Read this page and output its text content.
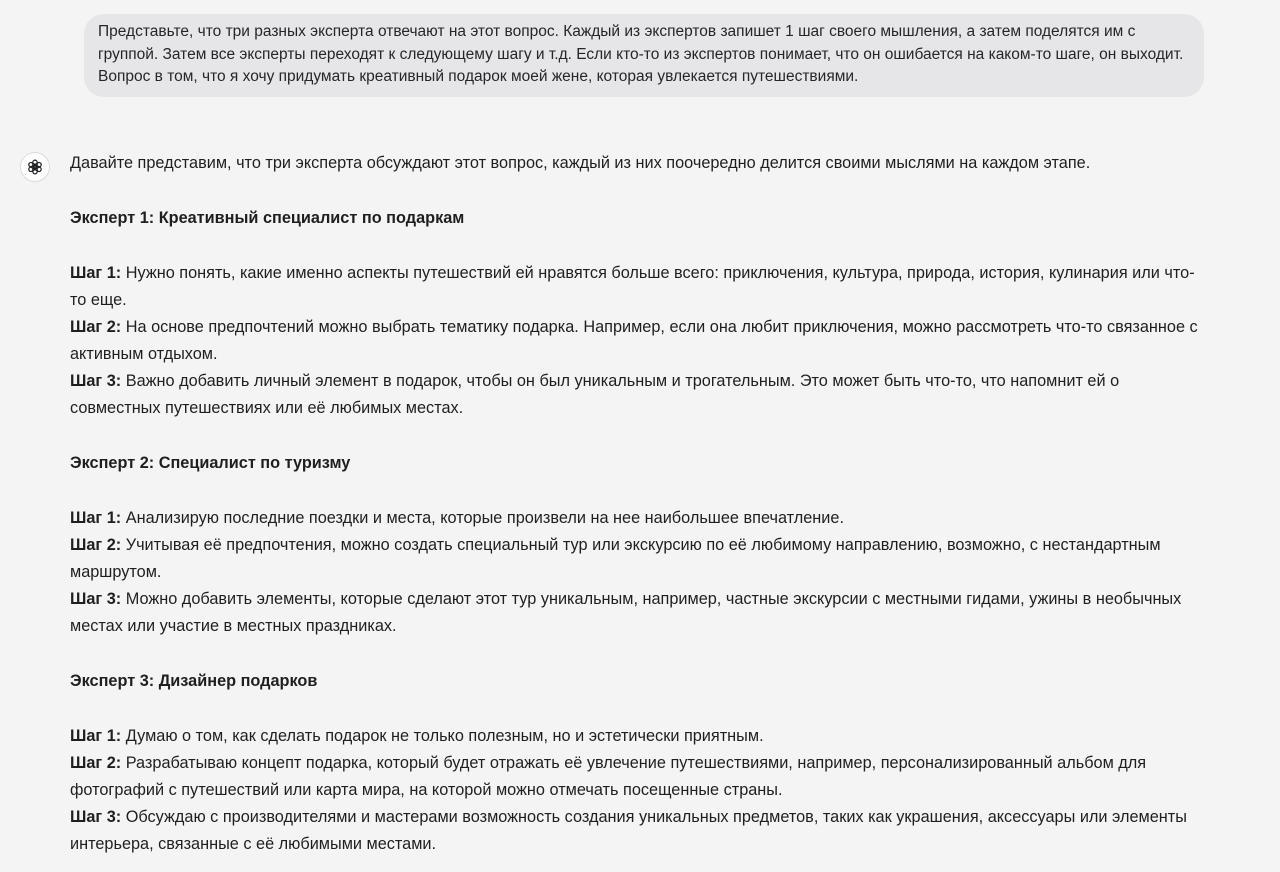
Представьте, что три разных эксперта отвечают на этот вопрос. Каждый из экспертов запишет 1 шаг своего мышления, а затем поделятся им с группой. Затем все эксперты переходят к следующему шагу и т.д. Если кто-то из экспертов понимает, что он ошибается на каком-то шаге, он выходит. Вопрос в том, что я хочу придумать креативный подарок моей жене, которая увлекается путешествиями.

Давайте представим, что три эксперта обсуждают этот вопрос, каждый из них поочередно делится своими мыслями на каждом этапе.

Эксперт 1: Креативный специалист по подаркам

Шаг 1: Нужно понять, какие именно аспекты путешествий ей нравятся больше всего: приключения, культура, природа, история, кулинария или что-то еще.

Шаг 2: На основе предпочтений можно выбрать тематику подарка. Например, если она любит приключения, можно рассмотреть что-то связанное с активным отдыхом.

Шаг 3: Важно добавить личный элемент в подарок, чтобы он был уникальным и трогательным. Это может быть что-то, что напомнит ей о совместных путешествиях или её любимых местах.

Эксперт 2: Специалист по туризму

Шаг 1: Анализирую последние поездки и места, которые произвели на нее наибольшее впечатление.

Шаг 2: Учитывая её предпочтения, можно создать специальный тур или экскурсию по её любимому направлению, возможно, с нестандартным маршрутом.

Шаг 3: Можно добавить элементы, которые сделают этот тур уникальным, например, частные экскурсии с местными гидами, ужины в необычных местах или участие в местных праздниках.

Эксперт 3: Дизайнер подарков

Шаг 1: Думаю о том, как сделать подарок не только полезным, но и эстетически приятным.

Шаг 2: Разрабатываю концепт подарка, который будет отражать её увлечение путешествиями, например, персонализированный альбом для фотографий с путешествий или карта мира, на которой можно отмечать посещенные страны.

Шаг 3: Обсуждаю с производителями и мастерами возможность создания уникальных предметов, таких как украшения, аксессуары или элементы интерьера, связанные с её любимыми местами.
